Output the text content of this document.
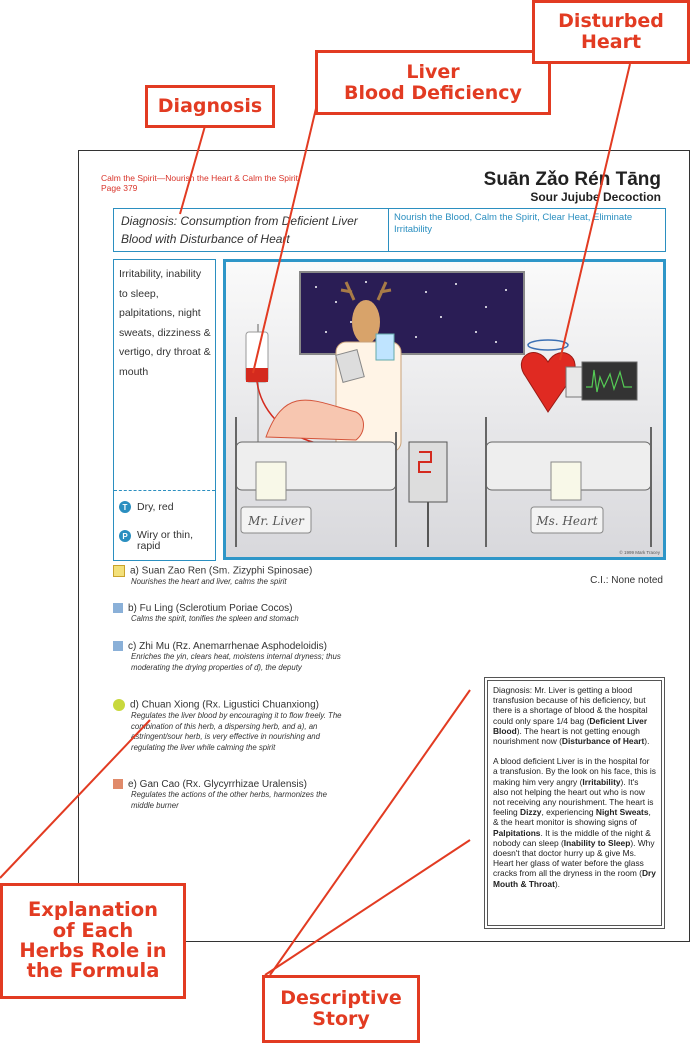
Calm the Spirit—Nourish the Heart & Calm the Spirit
Page 379	Suān Zǎo Rén Tāng
Sour Jujube Decoction
Diagnosis: Consumption from Deficient Liver Blood with Disturbance of Heart
Nourish the Blood, Calm the Spirit, Clear Heat, Eliminate Irritability
Irritability, inability to sleep, palpitations, night sweats, dizziness & vertigo, dry throat & mouth
T Dry, red
P Wiry or thin, rapid
Mr. Liver	Ms. Heart
© 1999 Mark Tracey
a) Suan Zao Ren (Sm. Zizyphi Spinosae)
Nourishes the heart and liver, calms the spirit
b) Fu Ling (Sclerotium Poriae Cocos)
Calms the spirit, tonifies the spleen and stomach
c) Zhi Mu (Rz. Anemarrhenae Asphodeloidis)
Enriches the yin, clears heat, moistens internal dryness; thus moderating the drying properties of d), the deputy
d) Chuan Xiong (Rx. Ligustici Chuanxiong)
Regulates the liver blood by encouraging it to flow freely. The combination of this herb, a dispersing herb, and a), an astringent/sour herb, is very effective in nourishing and regulating the liver while calming the spirit
e) Gan Cao (Rx. Glycyrrhizae Uralensis)
Regulates the actions of the other herbs, harmonizes the middle burner
C.I.: None noted

Diagnosis: Mr. Liver is getting a blood transfusion because of his deficiency, but there is a shortage of blood & the hospital could only spare 1/4 bag (Deficient Liver Blood). The heart is not getting enough nourishment now (Disturbance of Heart).

A blood deficient Liver is in the hospital for a transfusion. By the look on his face, this is making him very angry (Irritability). It's also not helping the heart out who is now not receiving any nourishment. The heart is feeling Dizzy, experiencing Night Sweats, & the heart monitor is showing signs of Palpitations. It is the middle of the night & nobody can sleep (Inability to Sleep). Why doesn't that doctor hurry up & give Ms. Heart her glass of water before the glass cracks from all the dryness in the room (Dry Mouth & Throat).

Diagnosis
Liver
Blood Deficiency
Disturbed
Heart
Explanation of Each Herbs Role in the Formula
Descriptive
Story
